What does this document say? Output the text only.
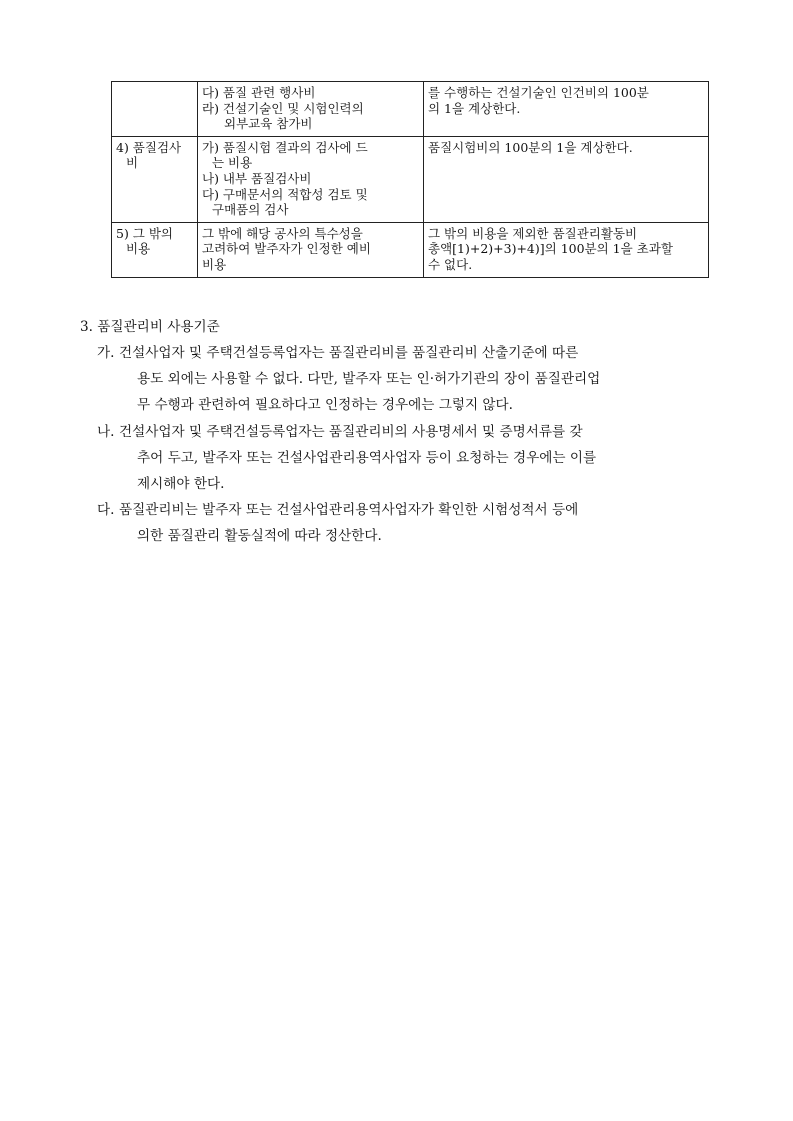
	다) 품질 관련 행사비
라) 건설기술인 및 시험인력의
외부교육 참가비	를 수행하는 건설기술인 인건비의 100분
의 1을 계상한다.

4) 품질검사
비	가) 품질시험 결과의 검사에 드
는 비용
나) 내부 품질검사비
다) 구매문서의 적합성 검토 및
구매품의 검사	품질시험비의 100분의 1을 계상한다.

5) 그 밖의
비용	그 밖에 해당 공사의 특수성을
고려하여 발주자가 인정한 예비
비용	그 밖의 비용을 제외한 품질관리활동비
총액[1)+2)+3)+4)]의 100분의 1을 초과할
수 없다.
3. 품질관리비 사용기준
가. 건설사업자 및 주택건설등록업자는 품질관리비를 품질관리비 산출기준에 따른
용도 외에는 사용할 수 없다. 다만, 발주자 또는 인·허가기관의 장이 품질관리업
무 수행과 관련하여 필요하다고 인정하는 경우에는 그렇지 않다.
나. 건설사업자 및 주택건설등록업자는 품질관리비의 사용명세서 및 증명서류를 갖
추어 두고, 발주자 또는 건설사업관리용역사업자 등이 요청하는 경우에는 이를
제시해야 한다.
다. 품질관리비는 발주자 또는 건설사업관리용역사업자가 확인한 시험성적서 등에
의한 품질관리 활동실적에 따라 정산한다.
